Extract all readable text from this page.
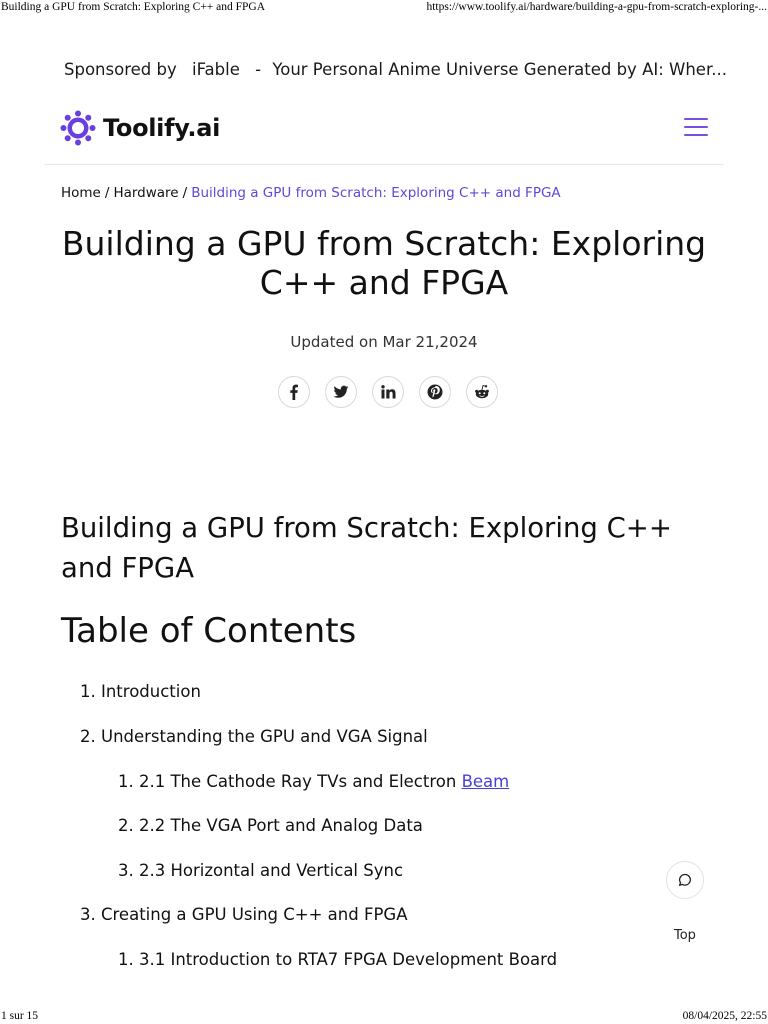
Building a GPU from Scratch: Exploring C++ and FPGA	https://www.toolify.ai/hardware/building-a-gpu-from-scratch-exploring-...
Sponsored by iFable - Your Personal Anime Universe Generated by AI: Wher...
Toolify.ai
Home / Hardware / Building a GPU from Scratch: Exploring C++ and FPGA
Building a GPU from Scratch: Exploring C++ and FPGA
Updated on Mar 21,2024
Building a GPU from Scratch: Exploring C++ and FPGA
Table of Contents
1. Introduction
2. Understanding the GPU and VGA Signal
1. 2.1 The Cathode Ray TVs and Electron Beam
2. 2.2 The VGA Port and Analog Data
3. 2.3 Horizontal and Vertical Sync
3. Creating a GPU Using C++ and FPGA
1. 3.1 Introduction to RTA7 FPGA Development Board
Top
1 sur 15	08/04/2025, 22:55
